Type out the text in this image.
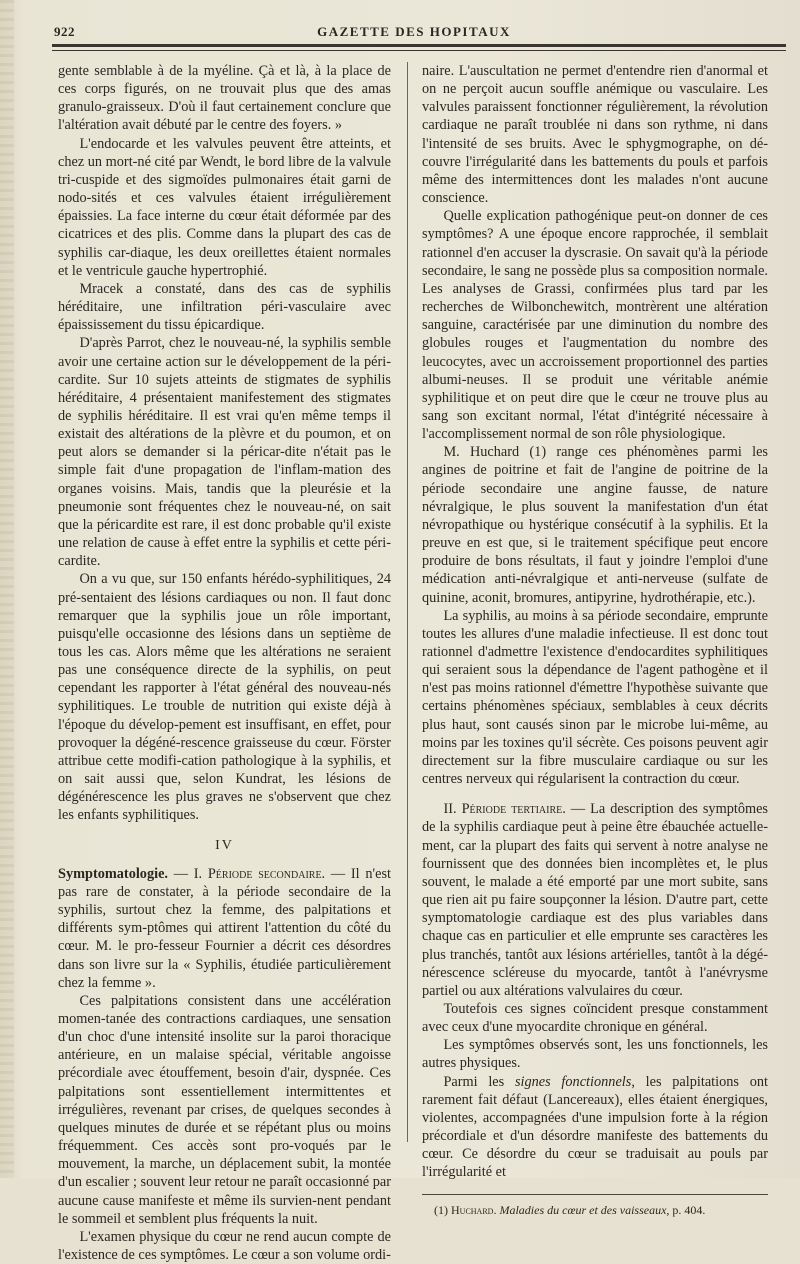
922	GAZETTE DES HOPITAUX

gente semblable à de la myéline. Çà et là, à la place de ces corps figurés, on ne trouvait plus que des amas granulo-graisseux. D'où il faut certainement conclure que l'altération avait débuté par le centre des foyers. »

L'endocarde et les valvules peuvent être atteints, et chez un mort-né cité par Wendt, le bord libre de la valvule tri-cuspide et des sigmoïdes pulmonaires était garni de nodo-sités et ces valvules étaient irrégulièrement épaissies. La face interne du cœur était déformée par des cicatrices et des plis. Comme dans la plupart des cas de syphilis car-diaque, les deux oreillettes étaient normales et le ventricule gauche hypertrophié.

Mracek a constaté, dans des cas de syphilis héréditaire, une infiltration péri-vasculaire avec épaississement du tissu épicardique.

D'après Parrot, chez le nouveau-né, la syphilis semble avoir une certaine action sur le développement de la péri-cardite. Sur 10 sujets atteints de stigmates de syphilis héréditaire, 4 présentaient manifestement des stigmates de syphilis héréditaire. Il est vrai qu'en même temps il existait des altérations de la plèvre et du poumon, et on peut alors se demander si la péricar-dite n'était pas le simple fait d'une propagation de l'inflam-mation des organes voisins. Mais, tandis que la pleurésie et la pneumonie sont fréquentes chez le nouveau-né, on sait que la péricardite est rare, il est donc probable qu'il existe une relation de cause à effet entre la syphilis et cette péri-cardite.

On a vu que, sur 150 enfants hérédo-syphilitiques, 24 pré-sentaient des lésions cardiaques ou non. Il faut donc remarquer que la syphilis joue un rôle important, puisqu'elle occasionne des lésions dans un septième de tous les cas. Alors même que les altérations ne seraient pas une conséquence directe de la syphilis, on peut cependant les rapporter à l'état général des nouveau-nés syphilitiques. Le trouble de nutrition qui existe déjà à l'époque du dévelop-pement est insuffisant, en effet, pour provoquer la dégéné-rescence graisseuse du cœur. Förster attribue cette modifi-cation pathologique à la syphilis, et on sait aussi que, selon Kundrat, les lésions de dégénérescence les plus graves ne s'observent que chez les enfants syphilitiques.

IV

Symptomatologie. — I. Période secondaire. — Il n'est pas rare de constater, à la période secondaire de la syphilis, surtout chez la femme, des palpitations et différents sym-ptômes qui attirent l'attention du côté du cœur. M. le pro-fesseur Fournier a décrit ces désordres dans son livre sur la « Syphilis, étudiée particulièrement chez la femme ».

Ces palpitations consistent dans une accélération momen-tanée des contractions cardiaques, une sensation d'un choc d'une intensité insolite sur la paroi thoracique antérieure, en un malaise spécial, véritable angoisse précordiale avec étouffement, besoin d'air, dyspnée. Ces palpitations sont essentiellement intermittentes et irrégulières, revenant par crises, de quelques secondes à quelques minutes de durée et se répétant plus ou moins fréquemment. Ces accès sont pro-voqués par le mouvement, la marche, un déplacement subit, la montée d'un escalier ; souvent leur retour ne paraît occasionné par aucune cause manifeste et même ils survien-nent pendant le sommeil et semblent plus fréquents la nuit.

L'examen physique du cœur ne rend aucun compte de l'existence de ces symptômes. Le cœur a son volume ordi-

naire. L'auscultation ne permet d'entendre rien d'anormal et on ne perçoit aucun souffle anémique ou vasculaire. Les valvules paraissent fonctionner régulièrement, la révolution cardiaque ne paraît troublée ni dans son rythme, ni dans l'intensité de ses bruits. Avec le sphygmographe, on dé-couvre l'irrégularité dans les battements du pouls et parfois même des intermittences dont les malades n'ont aucune conscience.

Quelle explication pathogénique peut-on donner de ces symptômes? A une époque encore rapprochée, il semblait rationnel d'en accuser la dyscrasie. On savait qu'à la période secondaire, le sang ne possède plus sa composition normale. Les analyses de Grassi, confirmées plus tard par les recherches de Wilbonchewitch, montrèrent une altération sanguine, caractérisée par une diminution du nombre des globules rouges et l'augmentation du nombre des leucocytes, avec un accroissement proportionnel des parties albumi-neuses. Il se produit une véritable anémie syphilitique et on peut dire que le cœur ne trouve plus au sang son excitant normal, l'état d'intégrité nécessaire à l'accomplissement normal de son rôle physiologique.

M. Huchard (1) range ces phénomènes parmi les angines de poitrine et fait de l'angine de poitrine de la période secondaire une angine fausse, de nature névralgique, le plus souvent la manifestation d'un état névropathique ou hystérique consécutif à la syphilis. Et la preuve en est que, si le traitement spécifique peut encore produire de bons résultats, il faut y joindre l'emploi d'une médication anti-névralgique et anti-nerveuse (sulfate de quinine, aconit, bromures, antipyrine, hydrothérapie, etc.).

La syphilis, au moins à sa période secondaire, emprunte toutes les allures d'une maladie infectieuse. Il est donc tout rationnel d'admettre l'existence d'endocardites syphilitiques qui seraient sous la dépendance de l'agent pathogène et il n'est pas moins rationnel d'émettre l'hypothèse suivante que certains phénomènes spéciaux, semblables à ceux décrits plus haut, sont causés sinon par le microbe lui-même, au moins par les toxines qu'il sécrète. Ces poisons peuvent agir directement sur la fibre musculaire cardiaque ou sur les centres nerveux qui régularisent la contraction du cœur.

II. Période tertiaire. — La description des symptômes de la syphilis cardiaque peut à peine être ébauchée actuelle-ment, car la plupart des faits qui servent à notre analyse ne fournissent que des données bien incomplètes et, le plus souvent, le malade a été emporté par une mort subite, sans que rien ait pu faire soupçonner la lésion. D'autre part, cette symptomatologie cardiaque est des plus variables dans chaque cas en particulier et elle emprunte ses caractères les plus tranchés, tantôt aux lésions artérielles, tantôt à la dégé-nérescence scléreuse du myocarde, tantôt à l'anévrysme partiel ou aux altérations valvulaires du cœur.

Toutefois ces signes coïncident presque constamment avec ceux d'une myocardite chronique en général.

Les symptômes observés sont, les uns fonctionnels, les autres physiques.

Parmi les signes fonctionnels, les palpitations ont rarement fait défaut (Lancereaux), elles étaient énergiques, violentes, accompagnées d'une impulsion forte à la région précordiale et d'un désordre manifeste des battements du cœur. Ce désordre du cœur se traduisait au pouls par l'irrégularité et

(1) Huchard. Maladies du cœur et des vaisseaux, p. 404.
